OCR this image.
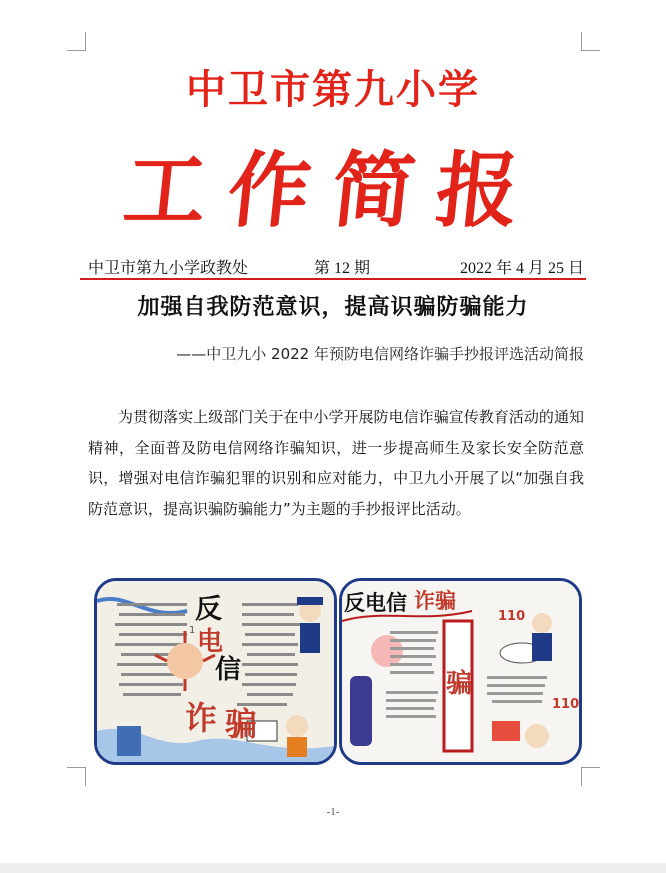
中卫市第九小学
工作简报
中卫市第九小学政教处	第 12 期	2022 年 4 月 25 日
加强自我防范意识，提高识骗防骗能力
——中卫九小 2022 年预防电信网络诈骗手抄报评选活动简报
为贯彻落实上级部门关于在中小学开展防电信诈骗宣传教育活动的通知精神，全面普及防电信网络诈骗知识，进一步提高师生及家长安全防范意识，增强对电信诈骗犯罪的识别和应对能力，中卫九小开展了以“加强自我防范意识，提高识骗防骗能力”为主题的手抄报评比活动。
反
电
信
诈 骗
1
反电信 诈骗
骗
110
110
-1-
